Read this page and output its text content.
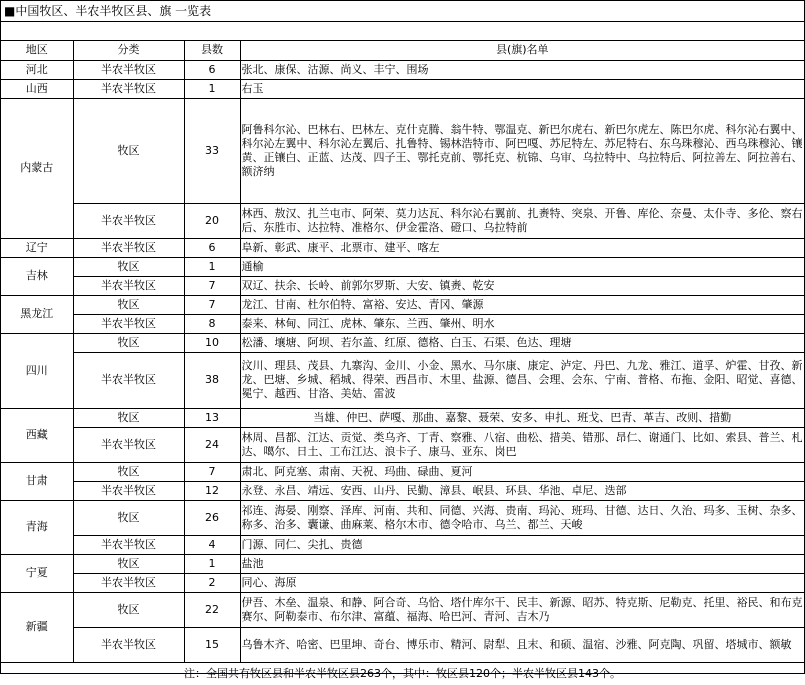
■中国牧区、半农半牧区县、旗 一览表
地区	分类	县数	县(旗)名单
河北	半农半牧区	6	张北、康保、沽源、尚义、丰宁、围场
山西	半农半牧区	1	右玉
内蒙古	牧区	33	阿鲁科尔沁、巴林右、巴林左、克什克腾、翁牛特、鄂温克、新巴尔虎右、新巴尔虎左、陈巴尔虎、科尔沁右翼中、科尔沁左翼中、科尔沁左翼后、扎鲁特、锡林浩特市、阿巴嘎、苏尼特左、苏尼特右、东乌珠穆沁、西乌珠穆沁、镶黄、正镶白、正蓝、达茂、四子王、鄂托克前、鄂托克、杭锦、乌审、乌拉特中、乌拉特后、阿拉善左、阿拉善右、额济纳
	半农半牧区	20	林西、敖汉、扎兰屯市、阿荣、莫力达瓦、科尔沁右翼前、扎赉特、突泉、开鲁、库伦、奈曼、太仆寺、多伦、察右后、东胜市、达拉特、准格尔、伊金霍洛、磴口、乌拉特前
辽宁	半农半牧区	6	阜新、彰武、康平、北票市、建平、喀左
吉林	牧区	1	通榆
	半农半牧区	7	双辽、扶余、长岭、前郭尔罗斯、大安、镇赉、乾安
黑龙江	牧区	7	龙江、甘南、杜尔伯特、富裕、安达、青冈、肇源
	半农半牧区	8	泰来、林甸、同江、虎林、肇东、兰西、肇州、明水
四川	牧区	10	松潘、壤塘、阿坝、若尔盖、红原、德格、白玉、石渠、色达、理塘
	半农半牧区	38	汶川、理县、茂县、九寨沟、金川、小金、黑水、马尔康、康定、泸定、丹巴、九龙、雅江、道孚、炉霍、甘孜、新龙、巴塘、乡城、稻城、得荣、西昌市、木里、盐源、德昌、会理、会东、宁南、普格、布拖、金阳、昭觉、喜德、冕宁、越西、甘洛、美姑、雷波
西藏	牧区	13	当雄、仲巴、萨嘎、那曲、嘉黎、聂荣、安多、申扎、班戈、巴青、革吉、改则、措勤
	半农半牧区	24	林周、昌都、江达、贡觉、类乌齐、丁青、察雅、八宿、曲松、措美、错那、昂仁、谢通门、比如、索县、普兰、札达、噶尔、日土、工布江达、浪卡子、康马、亚东、岗巴
甘肃	牧区	7	肃北、阿克塞、肃南、天祝、玛曲、碌曲、夏河
	半农半牧区	12	永登、永昌、靖远、安西、山丹、民勤、漳县、岷县、环县、华池、卓尼、迭部
青海	牧区	26	祁连、海晏、刚察、泽库、河南、共和、同德、兴海、贵南、玛沁、班玛、甘德、达日、久治、玛多、玉树、杂多、称多、治多、囊谦、曲麻莱、格尔木市、德令哈市、乌兰、都兰、天峻
	半农半牧区	4	门源、同仁、尖扎、贵德
宁夏	牧区	1	盐池
	半农半牧区	2	同心、海原
新疆	牧区	22	伊吾、木垒、温泉、和静、阿合奇、乌恰、塔什库尔干、民丰、新源、昭苏、特克斯、尼勒克、托里、裕民、和布克赛尔、阿勒泰市、布尔津、富蕴、福海、哈巴河、青河、吉木乃
	半农半牧区	15	乌鲁木齐、哈密、巴里坤、奇台、博乐市、精河、尉犁、且末、和硕、温宿、沙雅、阿克陶、巩留、塔城市、额敏
注：全国共有牧区县和半农半牧区县263个，其中：牧区县120个；半农半牧区县143个。
